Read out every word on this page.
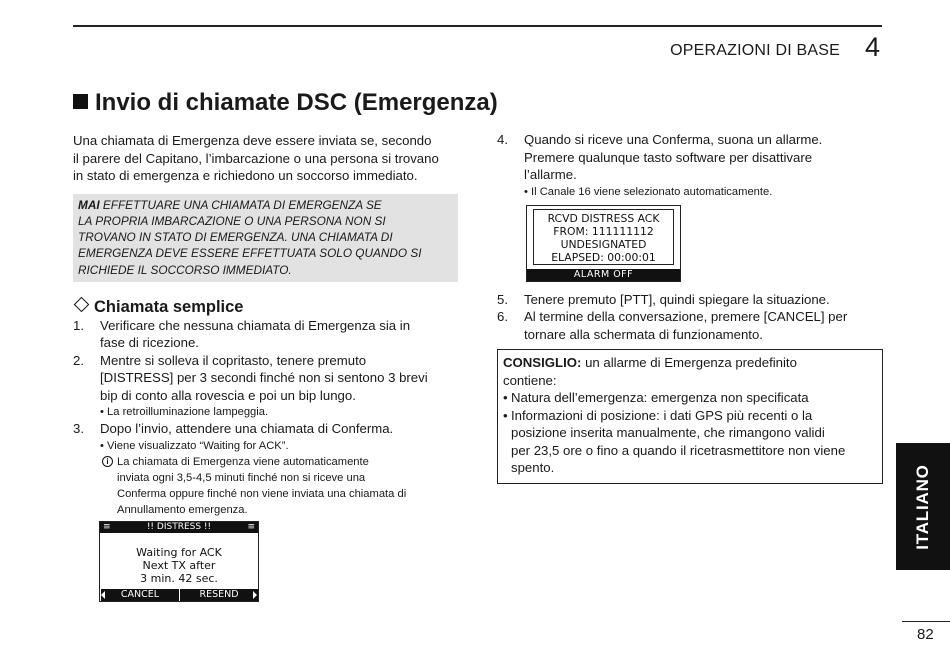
OPERAZIONI DI BASE 4
Invio di chiamate DSC (Emergenza)
Una chiamata di Emergenza deve essere inviata se, secondo
il parere del Capitano, l’imbarcazione o una persona si trovano
in stato di emergenza e richiedono un soccorso immediato.
MAI EFFETTUARE UNA CHIAMATA DI EMERGENZA SE
LA PROPRIA IMBARCAZIONE O UNA PERSONA NON SI
TROVANO IN STATO DI EMERGENZA. UNA CHIAMATA DI
EMERGENZA DEVE ESSERE EFFETTUATA SOLO QUANDO SI
RICHIEDE IL SOCCORSO IMMEDIATO.
Chiamata semplice
1. Verificare che nessuna chiamata di Emergenza sia in
fase di ricezione.
2. Mentre si solleva il copritasto, tenere premuto
[DISTRESS] per 3 secondi finché non si sentono 3 brevi
bip di conto alla rovescia e poi un bip lungo.
• La retroilluminazione lampeggia.
3. Dopo l’invio, attendere una chiamata di Conferma.
• Viene visualizzato “Waiting for ACK”.
i La chiamata di Emergenza viene automaticamente
inviata ogni 3,5-4,5 minuti finché non si riceve una
Conferma oppure finché non viene inviata una chiamata di
Annullamento emergenza.
≡	!! DISTRESS !!	≡
Waiting for ACK
Next TX after
3 min. 42 sec.
CANCEL	RESEND
4. Quando si riceve una Conferma, suona un allarme.
Premere qualunque tasto software per disattivare
l’allarme.
• Il Canale 16 viene selezionato automaticamente.
5. Tenere premuto [PTT], quindi spiegare la situazione.
6. Al termine della conversazione, premere [CANCEL] per
tornare alla schermata di funzionamento.
CONSIGLIO: un allarme di Emergenza predefinito
contiene:
• Natura dell’emergenza: emergenza non specificata
• Informazioni di posizione: i dati GPS più recenti o la
posizione inserita manualmente, che rimangono validi
per 23,5 ore o fino a quando il ricetrasmettitore non viene
spento.
RCVD DISTRESS ACK
FROM: 111111112
UNDESIGNATED
ELAPSED: 00:00:01
ALARM OFF
ITALIANO
82
